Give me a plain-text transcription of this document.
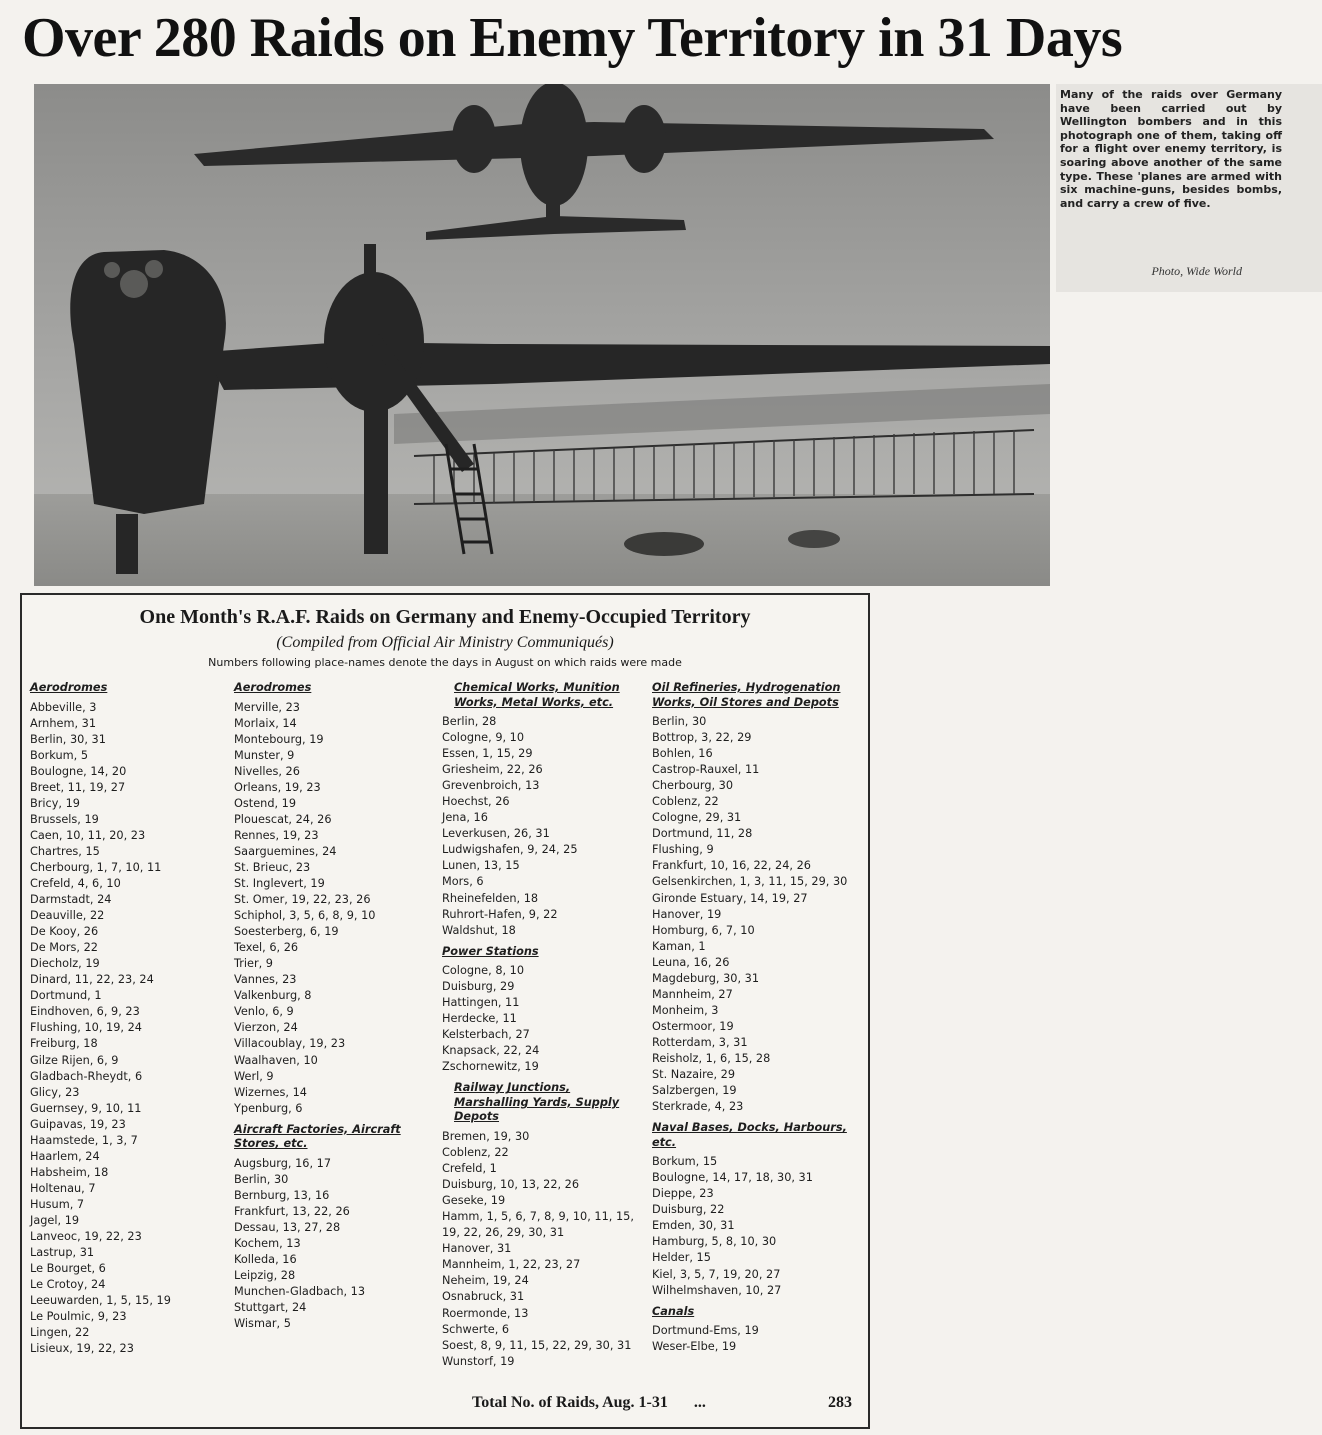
Over 280 Raids on Enemy Territory in 31 Days
Many of the raids over Germany have been carried out by Wellington bombers and in this photograph one of them, taking off for a flight over enemy territory, is soaring above another of the same type. These 'planes are armed with six machine-guns, besides bombs, and carry a crew of five.
Photo, Wide World
One Month's R.A.F. Raids on Germany and Enemy-Occupied Territory
(Compiled from Official Air Ministry Communiqués)
Numbers following place-names denote the days in August on which raids were made
Aerodromes
Abbeville, 3
Arnhem, 31
Berlin, 30, 31
Borkum, 5
Boulogne, 14, 20
Breet, 11, 19, 27
Bricy, 19
Brussels, 19
Caen, 10, 11, 20, 23
Chartres, 15
Cherbourg, 1, 7, 10, 11
Crefeld, 4, 6, 10
Darmstadt, 24
Deauville, 22
De Kooy, 26
De Mors, 22
Diecholz, 19
Dinard, 11, 22, 23, 24
Dortmund, 1
Eindhoven, 6, 9, 23
Flushing, 10, 19, 24
Freiburg, 18
Gilze Rijen, 6, 9
Gladbach-Rheydt, 6
Glicy, 23
Guernsey, 9, 10, 11
Guipavas, 19, 23
Haamstede, 1, 3, 7
Haarlem, 24
Habsheim, 18
Holtenau, 7
Husum, 7
Jagel, 19
Lanveoc, 19, 22, 23
Lastrup, 31
Le Bourget, 6
Le Crotoy, 24
Leeuwarden, 1, 5, 15, 19
Le Poulmic, 9, 23
Lingen, 22
Lisieux, 19, 22, 23
Aerodromes
Merville, 23
Morlaix, 14
Montebourg, 19
Munster, 9
Nivelles, 26
Orleans, 19, 23
Ostend, 19
Plouescat, 24, 26
Rennes, 19, 23
Saarguemines, 24
St. Brieuc, 23
St. Inglevert, 19
St. Omer, 19, 22, 23, 26
Schiphol, 3, 5, 6, 8, 9, 10
Soesterberg, 6, 19
Texel, 6, 26
Trier, 9
Vannes, 23
Valkenburg, 8
Venlo, 6, 9
Vierzon, 24
Villacoublay, 19, 23
Waalhaven, 10
Werl, 9
Wizernes, 14
Ypenburg, 6
Aircraft Factories, Aircraft Stores, etc.
Augsburg, 16, 17
Berlin, 30
Bernburg, 13, 16
Frankfurt, 13, 22, 26
Dessau, 13, 27, 28
Kochem, 13
Kolleda, 16
Leipzig, 28
Munchen-Gladbach, 13
Stuttgart, 24
Wismar, 5
Chemical Works, Munition Works, Metal Works, etc.
Berlin, 28
Cologne, 9, 10
Essen, 1, 15, 29
Griesheim, 22, 26
Grevenbroich, 13
Hoechst, 26
Jena, 16
Leverkusen, 26, 31
Ludwigshafen, 9, 24, 25
Lunen, 13, 15
Mors, 6
Rheinefelden, 18
Ruhrort-Hafen, 9, 22
Waldshut, 18
Power Stations
Cologne, 8, 10
Duisburg, 29
Hattingen, 11
Herdecke, 11
Kelsterbach, 27
Knapsack, 22, 24
Zschornewitz, 19
Railway Junctions, Marshalling Yards, Supply Depots
Bremen, 19, 30
Coblenz, 22
Crefeld, 1
Duisburg, 10, 13, 22, 26
Geseke, 19
Hamm, 1, 5, 6, 7, 8, 9, 10, 11, 15, 19, 22, 26, 29, 30, 31
Hanover, 31
Mannheim, 1, 22, 23, 27
Neheim, 19, 24
Osnabruck, 31
Roermonde, 13
Schwerte, 6
Soest, 8, 9, 11, 15, 22, 29, 30, 31
Wunstorf, 19
Oil Refineries, Hydrogenation Works, Oil Stores and Depots
Berlin, 30
Bottrop, 3, 22, 29
Bohlen, 16
Castrop-Rauxel, 11
Cherbourg, 30
Coblenz, 22
Cologne, 29, 31
Dortmund, 11, 28
Flushing, 9
Frankfurt, 10, 16, 22, 24, 26
Gelsenkirchen, 1, 3, 11, 15, 29, 30
Gironde Estuary, 14, 19, 27
Hanover, 19
Homburg, 6, 7, 10
Kaman, 1
Leuna, 16, 26
Magdeburg, 30, 31
Mannheim, 27
Monheim, 3
Ostermoor, 19
Rotterdam, 3, 31
Reisholz, 1, 6, 15, 28
St. Nazaire, 29
Salzbergen, 19
Sterkrade, 4, 23
Naval Bases, Docks, Harbours, etc.
Borkum, 15
Boulogne, 14, 17, 18, 30, 31
Dieppe, 23
Duisburg, 22
Emden, 30, 31
Hamburg, 5, 8, 10, 30
Helder, 15
Kiel, 3, 5, 7, 19, 20, 27
Wilhelmshaven, 10, 27
Canals
Dortmund-Ems, 19
Weser-Elbe, 19
Total No. of Raids, Aug. 1-31 ...	283
